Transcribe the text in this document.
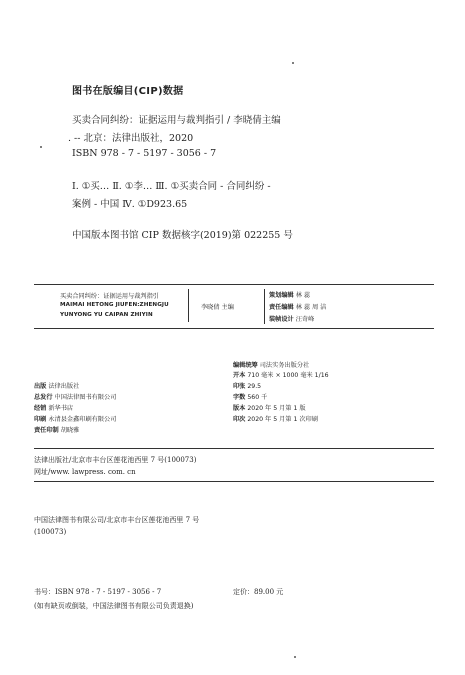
图书在版编目(CIP)数据
买卖合同纠纷：证据运用与裁判指引 / 李晓倩主编
. -- 北京：法律出版社，2020
ISBN 978 - 7 - 5197 - 3056 - 7
Ⅰ. ①买… Ⅱ. ①李… Ⅲ. ①买卖合同 - 合同纠纷 -
案例 - 中国 Ⅳ. ①D923.65
中国版本图书馆 CIP 数据核字(2019)第 022255 号
买卖合同纠纷：证据运用与裁判指引
MAIMAI HETONG JIUFEN:ZHENGJU
YUNYONG YU CAIPAN ZHIYIN
李晓倩 主编
策划编辑 林 蕊
责任编辑 林 蕊 周 洁
装帧设计 汪奇峰
编辑统筹 司法实务出版分社
开本 710 毫米 × 1000 毫米 1/16
印张 29.5
字数 560 千
版本 2020 年 5 月第 1 版
印次 2020 年 5 月第 1 次印刷
出版 法律出版社
总发行 中国法律图书有限公司
经销 新华书店
印刷 永清县金鑫印刷有限公司
责任印制 胡晓雅
法律出版社/北京市丰台区莲花池西里 7 号(100073)
网址/www. lawpress. com. cn
中国法律图书有限公司/北京市丰台区莲花池西里 7 号
(100073)
书号：ISBN 978 - 7 - 5197 - 3056 - 7	定价：89.00 元
(如有缺页或倒装，中国法律图书有限公司负责退换)
